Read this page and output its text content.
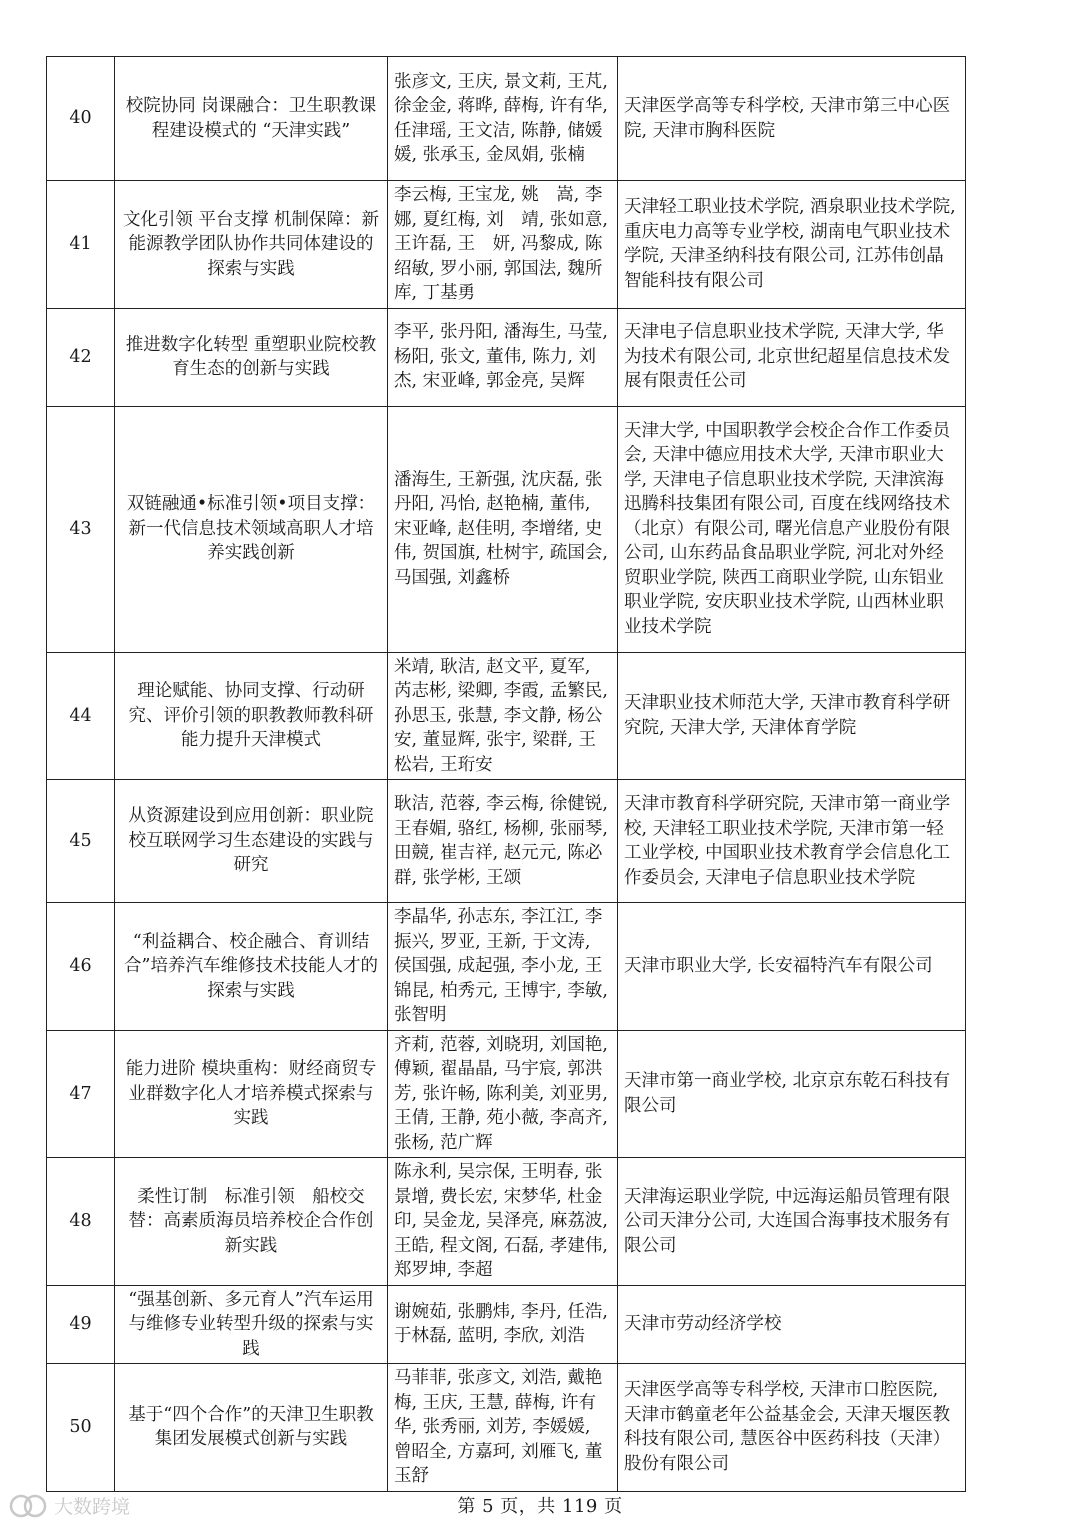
40	校院协同 岗课融合：卫生职教课程建设模式的 “天津实践”	张彦文, 王庆, 景文莉, 王芃, 徐金金, 蒋晔, 薛梅, 许有华, 任津瑶, 王文洁, 陈静, 储媛媛, 张承玉, 金凤娟, 张楠	天津医学高等专科学校, 天津市第三中心医院, 天津市胸科医院
41	文化引领 平台支撑 机制保障：新能源教学团队协作共同体建设的探索与实践	李云梅, 王宝龙, 姚　嵩, 李　娜, 夏红梅, 刘　靖, 张如意, 王许磊, 王　妍, 冯黎成, 陈绍敏, 罗小丽, 郭国法, 魏所库, 丁基勇	天津轻工职业技术学院, 酒泉职业技术学院, 重庆电力高等专业学校, 湖南电气职业技术学院, 天津圣纳科技有限公司, 江苏伟创晶智能科技有限公司
42	推进数字化转型 重塑职业院校教育生态的创新与实践	李平, 张丹阳, 潘海生, 马莹, 杨阳, 张文, 董伟, 陈力, 刘杰, 宋亚峰, 郭金亮, 吴辉	天津电子信息职业技术学院, 天津大学, 华为技术有限公司, 北京世纪超星信息技术发展有限责任公司
43	双链融通•标准引领•项目支撑：新一代信息技术领域高职人才培养实践创新	潘海生, 王新强, 沈庆磊, 张丹阳, 冯怡, 赵艳楠, 董伟, 宋亚峰, 赵佳明, 李增绪, 史伟, 贺国旗, 杜树宇, 疏国会, 马国强, 刘鑫桥	天津大学, 中国职教学会校企合作工作委员会, 天津中德应用技术大学, 天津市职业大学, 天津电子信息职业技术学院, 天津滨海迅腾科技集团有限公司, 百度在线网络技术（北京）有限公司, 曙光信息产业股份有限公司, 山东药品食品职业学院, 河北对外经贸职业学院, 陕西工商职业学院, 山东铝业职业学院, 安庆职业技术学院, 山西林业职业技术学院
44	理论赋能、协同支撑、行动研究、评价引领的职教教师教科研能力提升天津模式	米靖, 耿洁, 赵文平, 夏军, 芮志彬, 梁卿, 李霞, 孟繁民, 孙思玉, 张慧, 李文静, 杨公安, 董显辉, 张宇, 梁群, 王松岩, 王珩安	天津职业技术师范大学, 天津市教育科学研究院, 天津大学, 天津体育学院
45	从资源建设到应用创新：职业院校互联网学习生态建设的实践与研究	耿洁, 范蓉, 李云梅, 徐健锐, 王春媚, 骆红, 杨柳, 张丽琴, 田競, 崔吉祥, 赵元元, 陈必群, 张学彬, 王颂	天津市教育科学研究院, 天津市第一商业学校, 天津轻工职业技术学院, 天津市第一轻工业学校, 中国职业技术教育学会信息化工作委员会, 天津电子信息职业技术学院
46	“利益耦合、校企融合、育训结合”培养汽车维修技术技能人才的探索与实践	李晶华, 孙志东, 李江江, 李振兴, 罗亚, 王新, 于文涛, 侯国强, 成起强, 李小龙, 王锦昆, 柏秀元, 王博宇, 李敏, 张智明	天津市职业大学, 长安福特汽车有限公司
47	能力进阶 模块重构：财经商贸专业群数字化人才培养模式探索与实践	齐莉, 范蓉, 刘晓玥, 刘国艳, 傅颖, 翟晶晶, 马宇宸, 郭洪芳, 张许畅, 陈利美, 刘亚男, 王倩, 王静, 苑小薇, 李高齐, 张杨, 范广辉	天津市第一商业学校, 北京京东乾石科技有限公司
48	柔性订制　标准引领　船校交替：高素质海员培养校企合作创新实践	陈永利, 吴宗保, 王明春, 张景增, 费长宏, 宋梦华, 杜金印, 吴金龙, 吴泽亮, 麻荔波, 王皓, 程文阁, 石磊, 孝建伟, 郑罗坤, 李超	天津海运职业学院, 中远海运船员管理有限公司天津分公司, 大连国合海事技术服务有限公司
49	“强基创新、多元育人”汽车运用与维修专业转型升级的探索与实践	谢婉茹, 张鹏炜, 李丹, 任浩, 于林磊, 蓝明, 李欣, 刘浩	天津市劳动经济学校
50	基于“四个合作”的天津卫生职教集团发展模式创新与实践	马菲菲, 张彦文, 刘浩, 戴艳梅, 王庆, 王慧, 薛梅, 许有华, 张秀丽, 刘芳, 李媛媛, 曾昭全, 方嘉珂, 刘雁飞, 董玉舒	天津医学高等专科学校, 天津市口腔医院, 天津市鹤童老年公益基金会, 天津天堰医教科技有限公司, 慧医谷中医药科技（天津）股份有限公司
大数跨境	第 5 页，共 119 页
